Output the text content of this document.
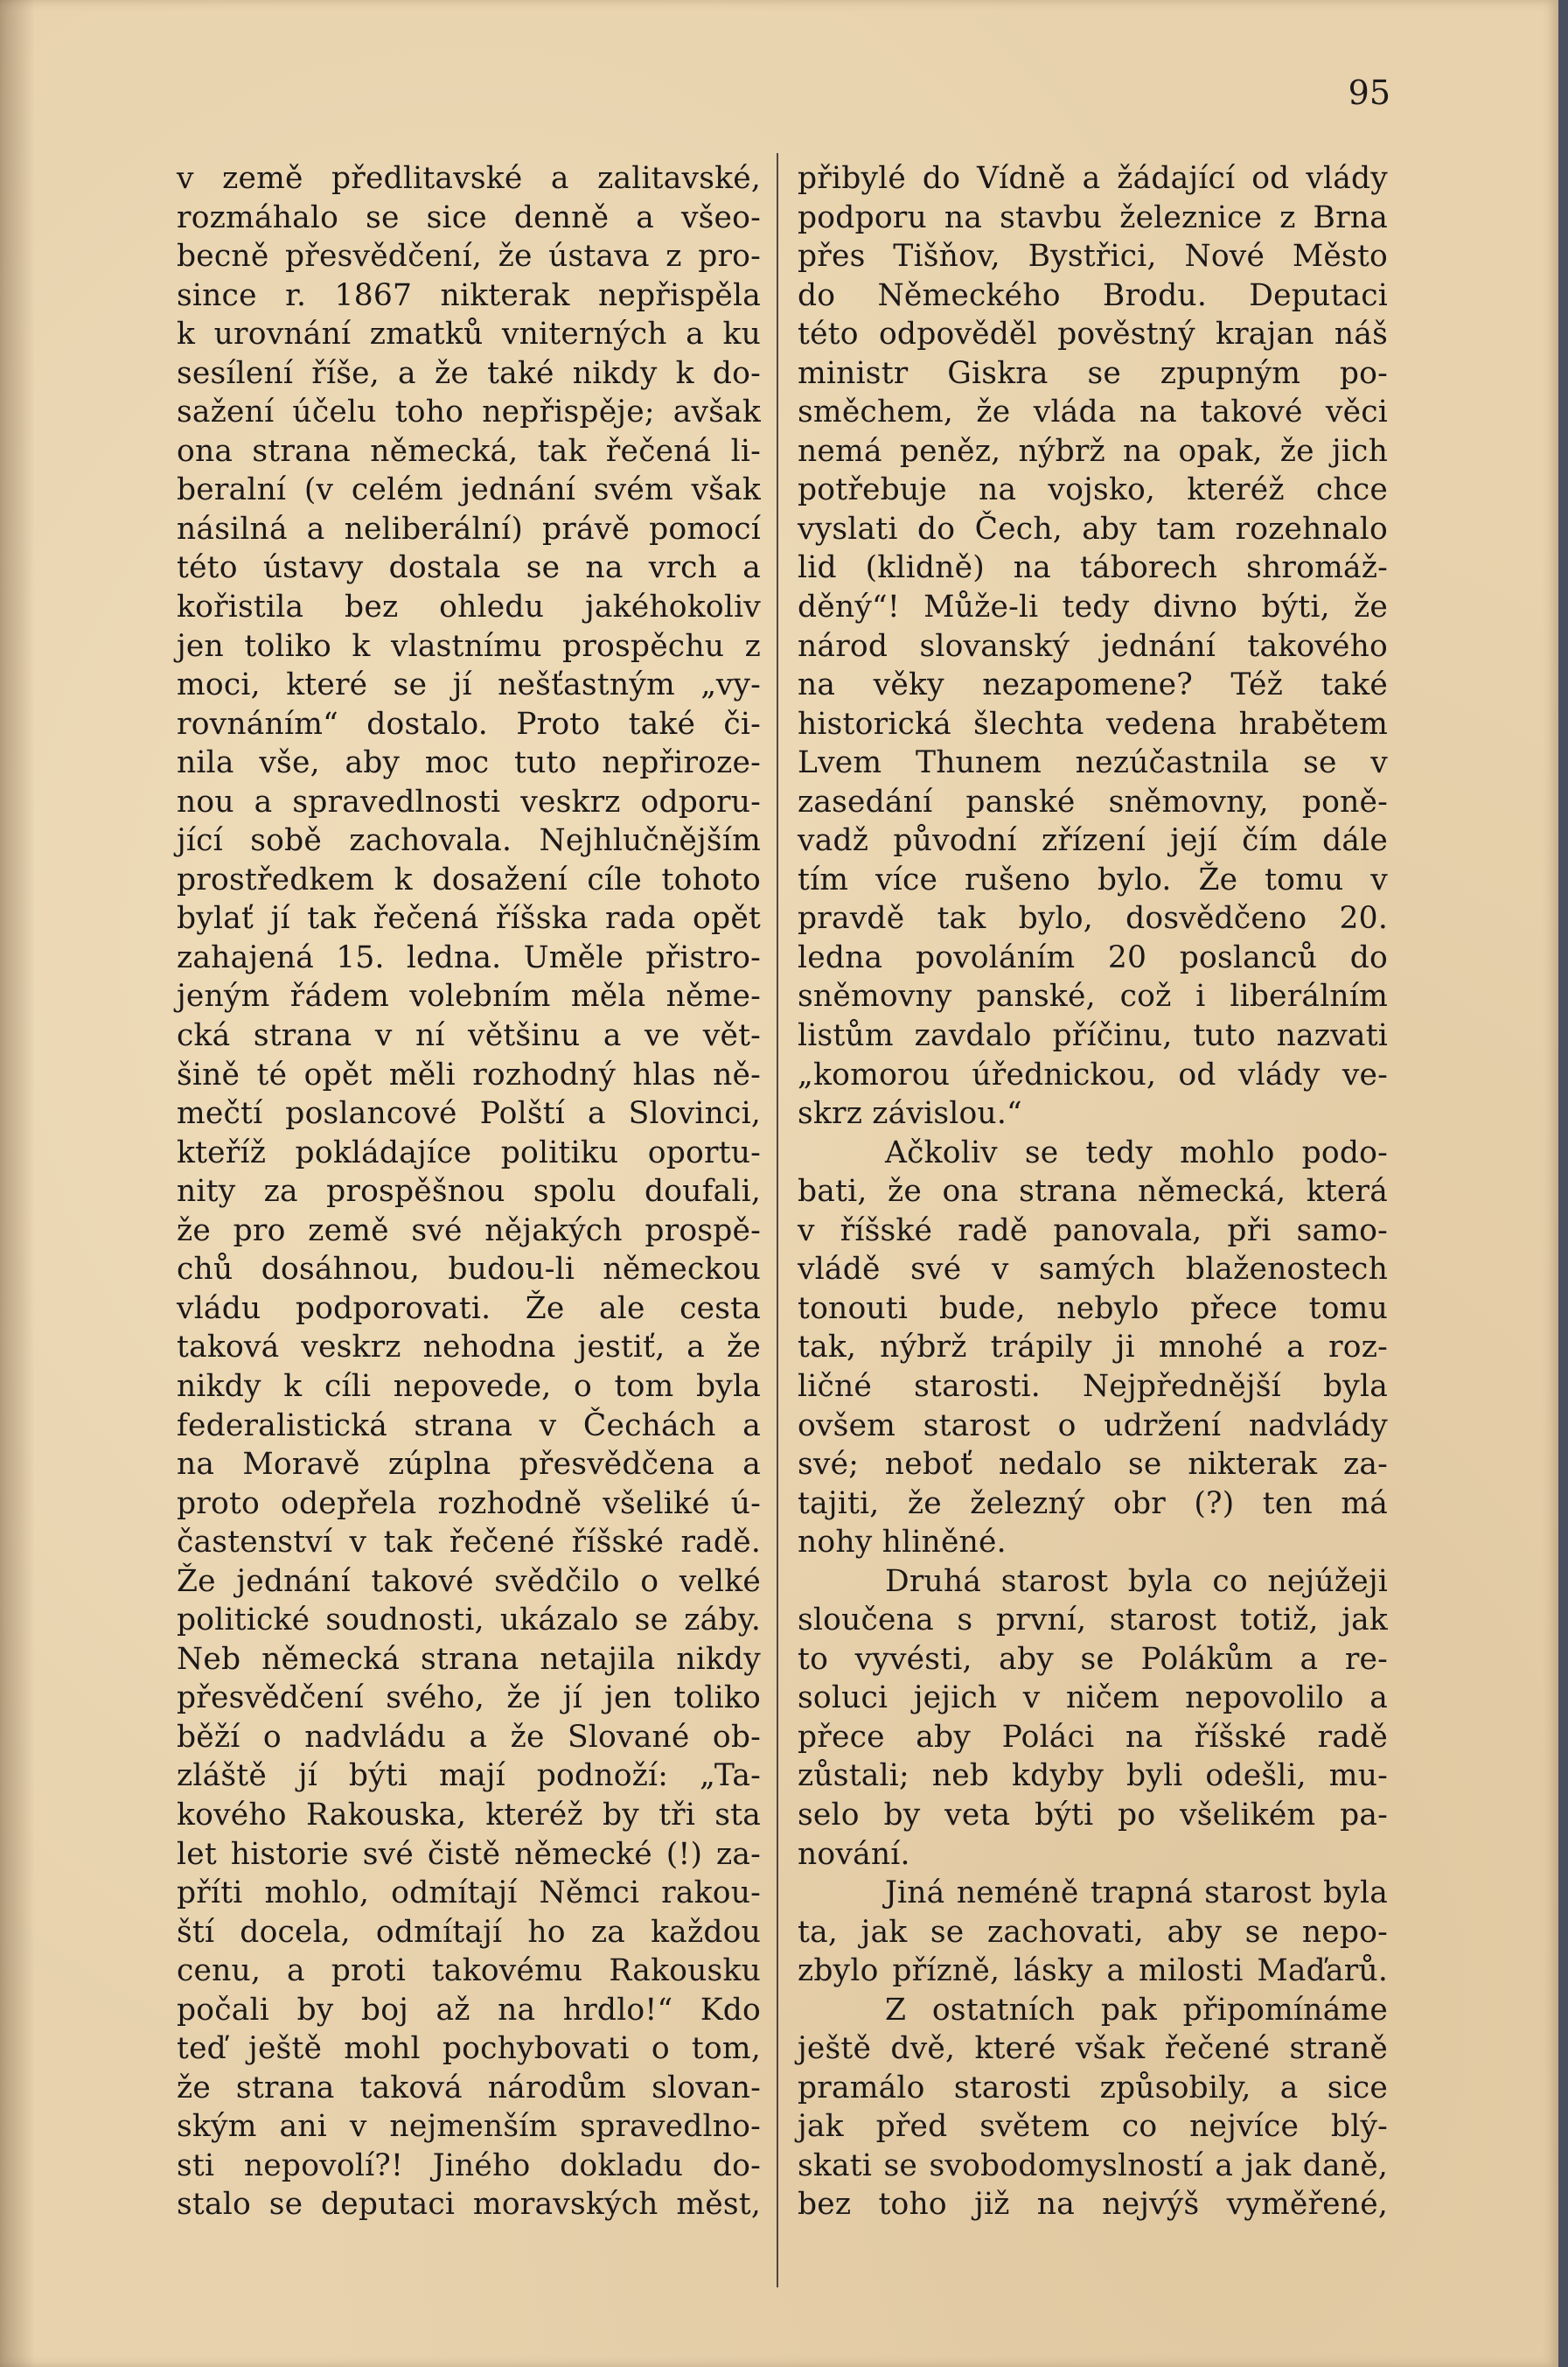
95
v země předlitavské a zalitavské,
rozmáhalo se sice denně a všeo-
becně přesvědčení, že ústava z pro-
since r. 1867 nikterak nepřispěla
k urovnání zmatků vniterných a ku
sesílení říše, a že také nikdy k do-
sažení účelu toho nepřispěje; avšak
ona strana německá, tak řečená li-
beralní (v celém jednání svém však
násilná a neliberální) právě pomocí
této ústavy dostala se na vrch a
kořistila bez ohledu jakéhokoliv
jen toliko k vlastnímu prospěchu z
moci, které se jí nešťastným „vy-
rovnáním“ dostalo. Proto také či-
nila vše, aby moc tuto nepřiroze-
nou a spravedlnosti veskrz odporu-
jící sobě zachovala. Nejhlučnějším
prostředkem k dosažení cíle tohoto
bylať jí tak řečená říšska rada opět
zahajená 15. ledna. Uměle přistro-
jeným řádem volebním měla něme-
cká strana v ní většinu a ve vět-
šině té opět měli rozhodný hlas ně-
mečtí poslancové Polští a Slovinci,
kteříž pokládajíce politiku oportu-
nity za prospěšnou spolu doufali,
že pro země své nějakých prospě-
chů dosáhnou, budou-li německou
vládu podporovati. Že ale cesta
taková veskrz nehodna jestiť, a že
nikdy k cíli nepovede, o tom byla
federalistická strana v Čechách a
na Moravě zúplna přesvědčena a
proto odepřela rozhodně všeliké ú-
častenství v tak řečené říšské radě.
Že jednání takové svědčilo o velké
politické soudnosti, ukázalo se záby.
Neb německá strana netajila nikdy
přesvědčení svého, že jí jen toliko
běží o nadvládu a že Slované ob-
zláště jí býti mají podnoží: „Ta-
kového Rakouska, kteréž by tři sta
let historie své čistě německé (!) za-
příti mohlo, odmítají Němci rakou-
ští docela, odmítají ho za každou
cenu, a proti takovému Rakousku
počali by boj až na hrdlo!“ Kdo
teď ještě mohl pochybovati o tom,
že strana taková národům slovan-
ským ani v nejmenším spravedlno-
sti nepovolí?! Jiného dokladu do-
stalo se deputaci moravských měst,
přibylé do Vídně a žádající od vlády
podporu na stavbu železnice z Brna
přes Tišňov, Bystřici, Nové Město
do Německého Brodu. Deputaci
této odpověděl pověstný krajan náš
ministr Giskra se zpupným po-
směchem, že vláda na takové věci
nemá peněz, nýbrž na opak, že jich
potřebuje na vojsko, kteréž chce
vyslati do Čech, aby tam rozehnalo
lid (klidně) na táborech shromáž-
děný“! Může-li tedy divno býti, že
národ slovanský jednání takového
na věky nezapomene? Též také
historická šlechta vedena hrabětem
Lvem Thunem nezúčastnila se v
zasedání panské sněmovny, poně-
vadž původní zřízení její čím dále
tím více rušeno bylo. Že tomu v
pravdě tak bylo, dosvědčeno 20.
ledna povoláním 20 poslanců do
sněmovny panské, což i liberálním
listům zavdalo příčinu, tuto nazvati
„komorou úřednickou, od vlády ve-
skrz závislou.“
Ačkoliv se tedy mohlo podo-
bati, že ona strana německá, která
v říšské radě panovala, při samo-
vládě své v samých blaženostech
tonouti bude, nebylo přece tomu
tak, nýbrž trápily ji mnohé a roz-
ličné starosti. Nejpřednější byla
ovšem starost o udržení nadvlády
své; neboť nedalo se nikterak za-
tajiti, že železný obr (?) ten má
nohy hliněné.
Druhá starost byla co nejúžeji
sloučena s první, starost totiž, jak
to vyvésti, aby se Polákům a re-
soluci jejich v ničem nepovolilo a
přece aby Poláci na říšské radě
zůstali; neb kdyby byli odešli, mu-
selo by veta býti po všelikém pa-
nování.
Jiná neméně trapná starost byla
ta, jak se zachovati, aby se nepo-
zbylo přízně, lásky a milosti Maďarů.
Z ostatních pak připomínáme
ještě dvě, které však řečené straně
pramálo starosti způsobily, a sice
jak před světem co nejvíce blý-
skati se svobodomyslností a jak daně,
bez toho již na nejvýš vyměřené,
